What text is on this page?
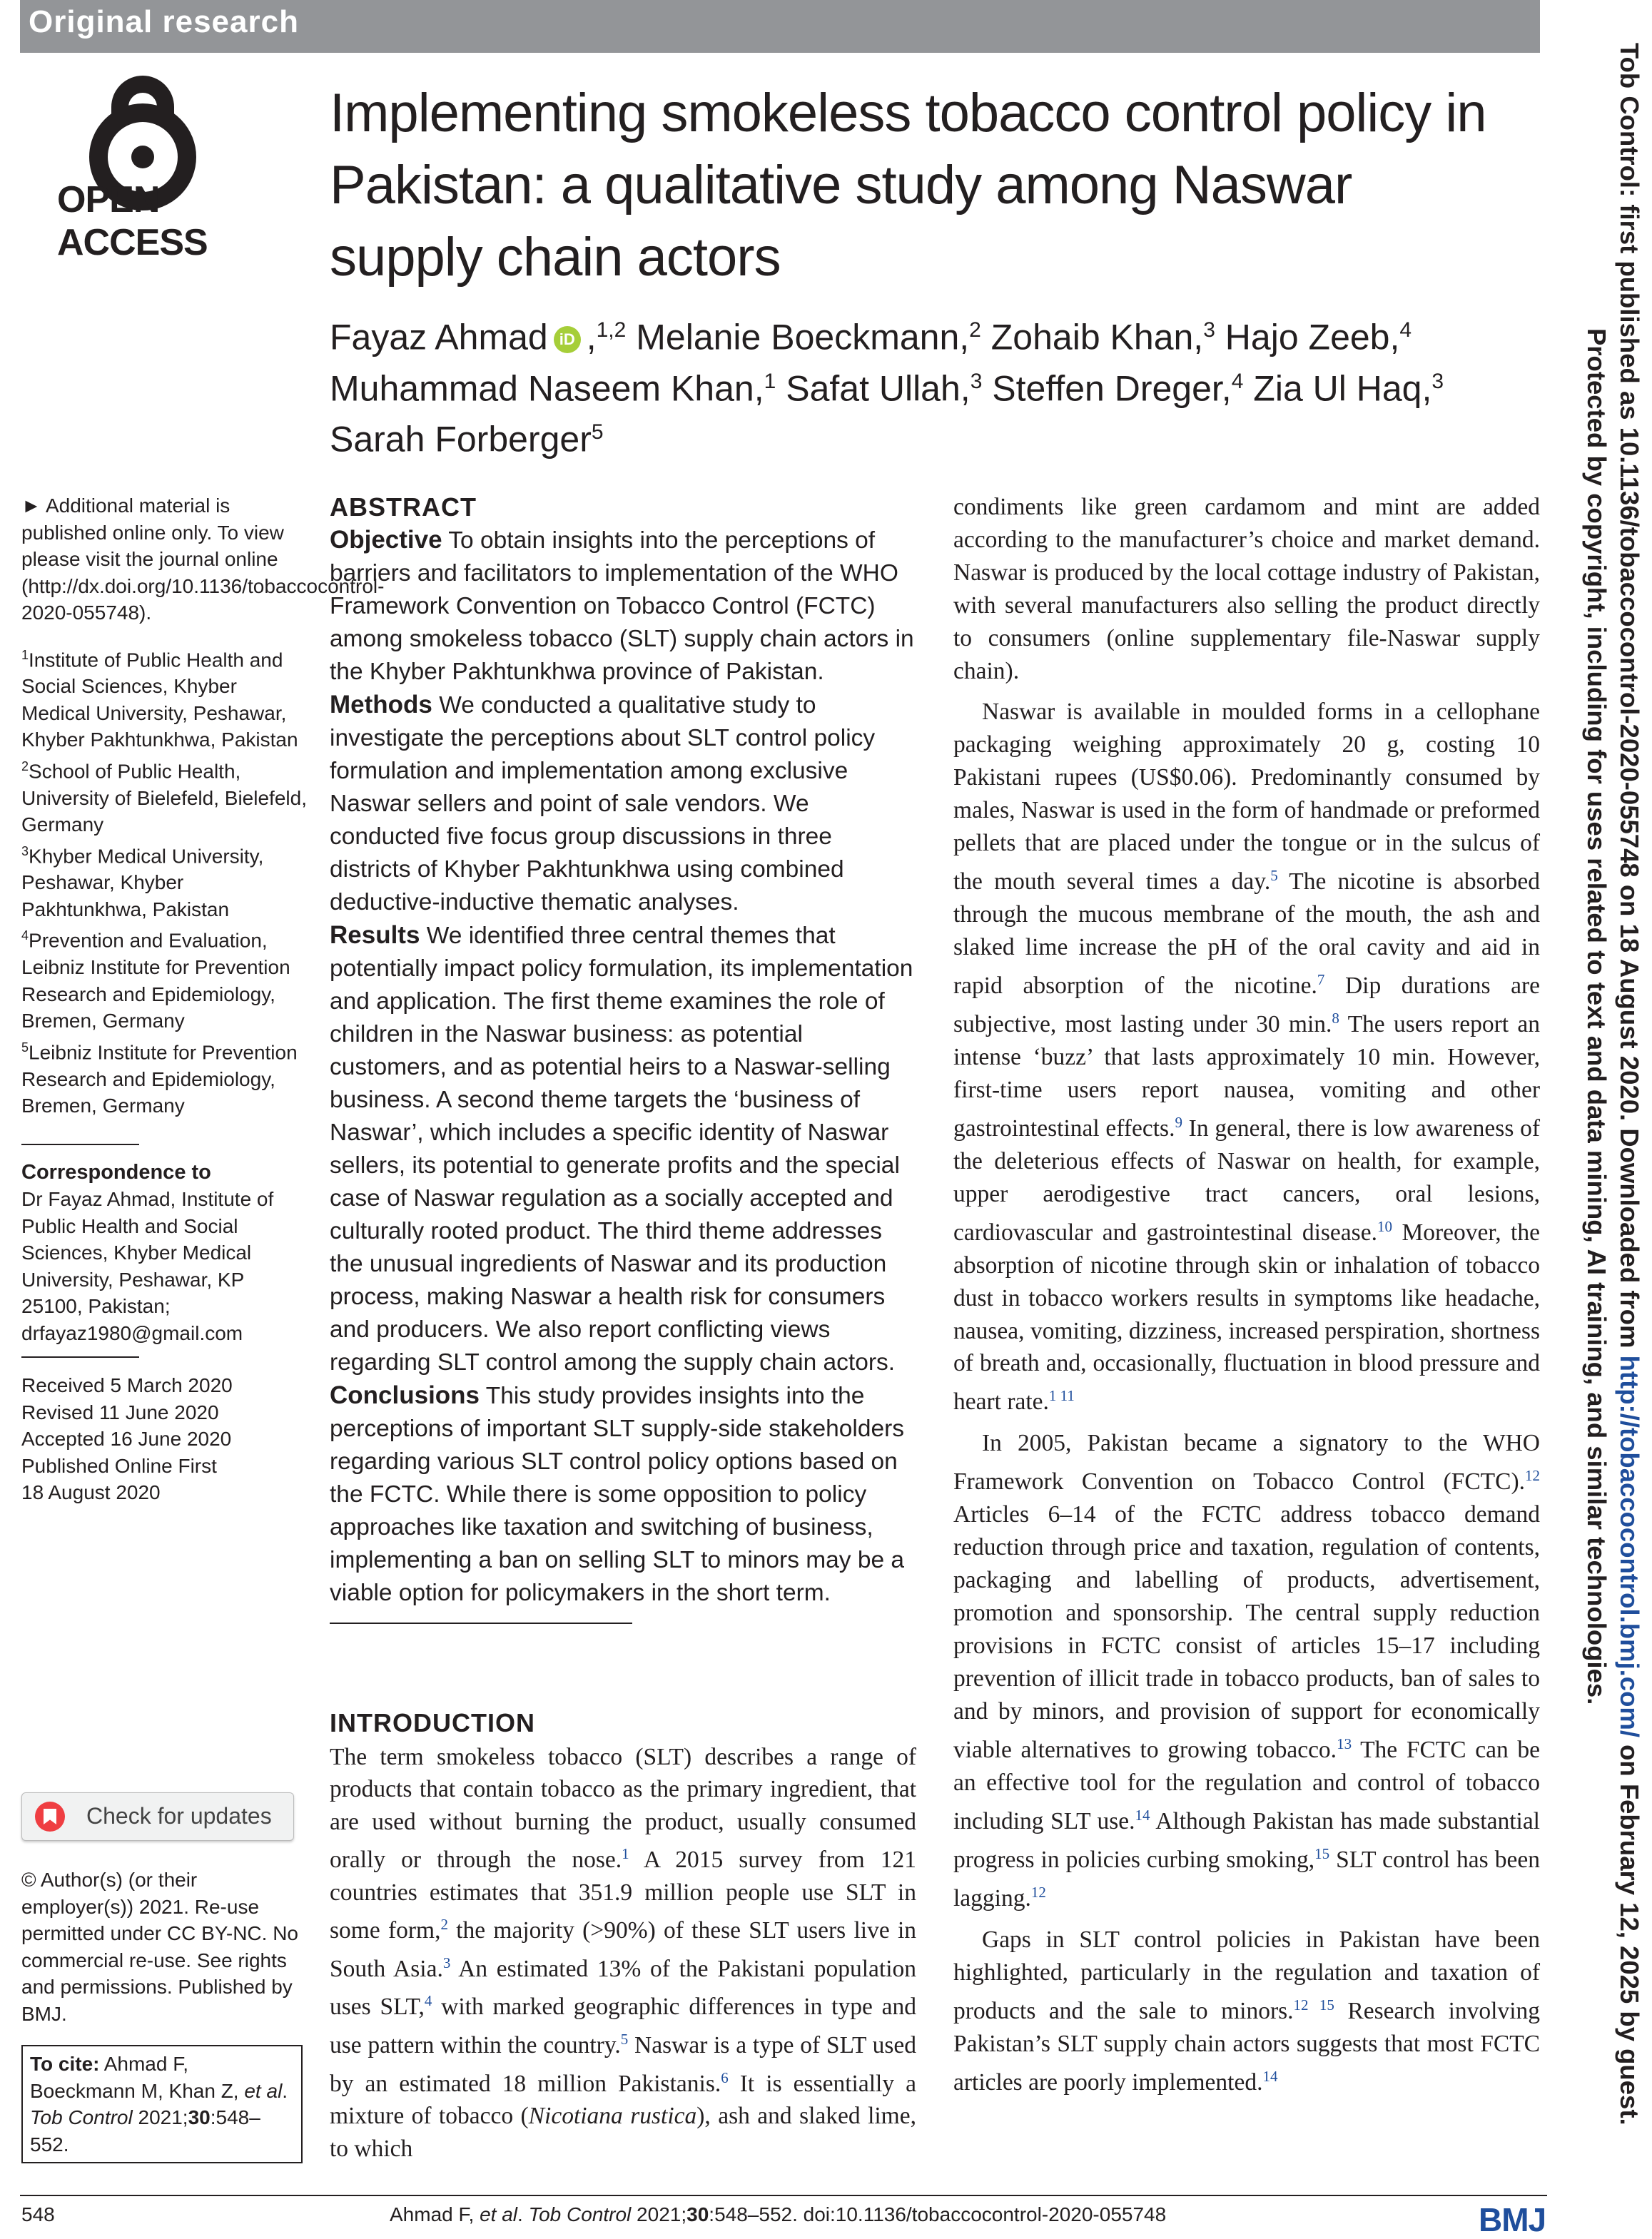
Original research
OPEN ACCESS
Implementing smokeless tobacco control policy in Pakistan: a qualitative study among Naswar supply chain actors
Fayaz Ahmad iD ,$^{1,2}$ Melanie Boeckmann,$^2$ Zohaib Khan,$^3$ Hajo Zeeb,$^4$
Muhammad Naseem Khan,$^1$ Safat Ullah,$^3$ Steffen Dreger,$^4$ Zia Ul Haq,$^3$
Sarah Forberger$^5$

► Additional material is published online only. To view please visit the journal online (http://dx.doi.org/10.1136/tobaccocontrol-2020-055748).

$^1$Institute of Public Health and Social Sciences, Khyber Medical University, Peshawar, Khyber Pakhtunkhwa, Pakistan

$^2$School of Public Health, University of Bielefeld, Bielefeld, Germany

$^3$Khyber Medical University, Peshawar, Khyber Pakhtunkhwa, Pakistan

$^4$Prevention and Evaluation, Leibniz Institute for Prevention Research and Epidemiology, Bremen, Germany

$^5$Leibniz Institute for Prevention Research and Epidemiology, Bremen, Germany

Correspondence to

Dr Fayaz Ahmad, Institute of Public Health and Social Sciences, Khyber Medical University, Peshawar, KP 25100, Pakistan; drfayaz1980@gmail.com

Received 5 March 2020

Revised 11 June 2020

Accepted 16 June 2020

Published Online First

18 August 2020

Check for updates
© Author(s) (or their employer(s)) 2021. Re-use permitted under CC BY-NC. No commercial re-use. See rights and permissions. Published by BMJ.
To cite: Ahmad F, Boeckmann M, Khan Z, et al. Tob Control 2021;30:548–552.
ABSTRACT

Objective To obtain insights into the perceptions of barriers and facilitators to implementation of the WHO Framework Convention on Tobacco Control (FCTC) among smokeless tobacco (SLT) supply chain actors in the Khyber Pakhtunkhwa province of Pakistan.

Methods We conducted a qualitative study to investigate the perceptions about SLT control policy formulation and implementation among exclusive Naswar sellers and point of sale vendors. We conducted five focus group discussions in three districts of Khyber Pakhtunkhwa using combined deductive-inductive thematic analyses.

Results We identified three central themes that potentially impact policy formulation, its implementation and application. The first theme examines the role of children in the Naswar business: as potential customers, and as potential heirs to a Naswar-selling business. A second theme targets the ‘business of Naswar’, which includes a specific identity of Naswar sellers, its potential to generate profits and the special case of Naswar regulation as a socially accepted and culturally rooted product. The third theme addresses the unusual ingredients of Naswar and its production process, making Naswar a health risk for consumers and producers. We also report conflicting views regarding SLT control among the supply chain actors.

Conclusions This study provides insights into the perceptions of important SLT supply-side stakeholders regarding various SLT control policy options based on the FCTC. While there is some opposition to policy approaches like taxation and switching of business, implementing a ban on selling SLT to minors may be a viable option for policymakers in the short term.

INTRODUCTION

The term smokeless tobacco (SLT) describes a range of products that contain tobacco as the primary ingredient, that are used without burning the product, usually consumed orally or through the nose.$^1$ A 2015 survey from 121 countries estimates that 351.9 million people use SLT in some form,$^2$ the majority (>90%) of these SLT users live in South Asia.$^3$ An estimated 13% of the Pakistani population uses SLT,$^4$ with marked geographic differences in type and use pattern within the country.$^5$ Naswar is a type of SLT used by an estimated 18 million Pakistanis.$^6$ It is essentially a mixture of tobacco (Nicotiana rustica), ash and slaked lime, to which

condiments like green cardamom and mint are added according to the manufacturer’s choice and market demand. Naswar is produced by the local cottage industry of Pakistan, with several manufacturers also selling the product directly to consumers (online supplementary file-Naswar supply chain).

Naswar is available in moulded forms in a cellophane packaging weighing approximately 20 g, costing 10 Pakistani rupees (US$0.06). Predominantly consumed by males, Naswar is used in the form of handmade or preformed pellets that are placed under the tongue or in the sulcus of the mouth several times a day.$^5$ The nicotine is absorbed through the mucous membrane of the mouth, the ash and slaked lime increase the pH of the oral cavity and aid in rapid absorption of the nicotine.$^7$ Dip durations are subjective, most lasting under 30 min.$^8$ The users report an intense ‘buzz’ that lasts approximately 10 min. However, first-time users report nausea, vomiting and other gastrointestinal effects.$^9$ In general, there is low awareness of the deleterious effects of Naswar on health, for example, upper aerodigestive tract cancers, oral lesions, cardiovascular and gastrointestinal disease.$^{10}$ Moreover, the absorption of nicotine through skin or inhalation of tobacco dust in tobacco workers results in symptoms like headache, nausea, vomiting, dizziness, increased perspiration, shortness of breath and, occasionally, fluctuation in blood pressure and heart rate.$^{1 11}$

In 2005, Pakistan became a signatory to the WHO Framework Convention on Tobacco Control (FCTC).$^{12}$ Articles 6–14 of the FCTC address tobacco demand reduction through price and taxation, regulation of contents, packaging and labelling of products, advertisement, promotion and sponsorship. The central supply reduction provisions in FCTC consist of articles 15–17 including prevention of illicit trade in tobacco products, ban of sales to and by minors, and provision of support for economically viable alternatives to growing tobacco.$^{13}$ The FCTC can be an effective tool for the regulation and control of tobacco including SLT use.$^{14}$ Although Pakistan has made substantial progress in policies curbing smoking,$^{15}$ SLT control has been lagging.$^{12}$

Gaps in SLT control policies in Pakistan have been highlighted, particularly in the regulation and taxation of products and the sale to minors.$^{12 15}$ Research involving Pakistan’s SLT supply chain actors suggests that most FCTC articles are poorly implemented.$^{14}$

Tob Control: first published as 10.1136/tobaccocontrol-2020-055748 on 18 August 2020. Downloaded from http://tobaccocontrol.bmj.com/ on February 12, 2025 by guest.
Protected by copyright, including for uses related to text and data mining, AI training, and similar technologies.
548	Ahmad F, et al. Tob Control 2021;30:548–552. doi:10.1136/tobaccocontrol-2020-055748	BMJ
